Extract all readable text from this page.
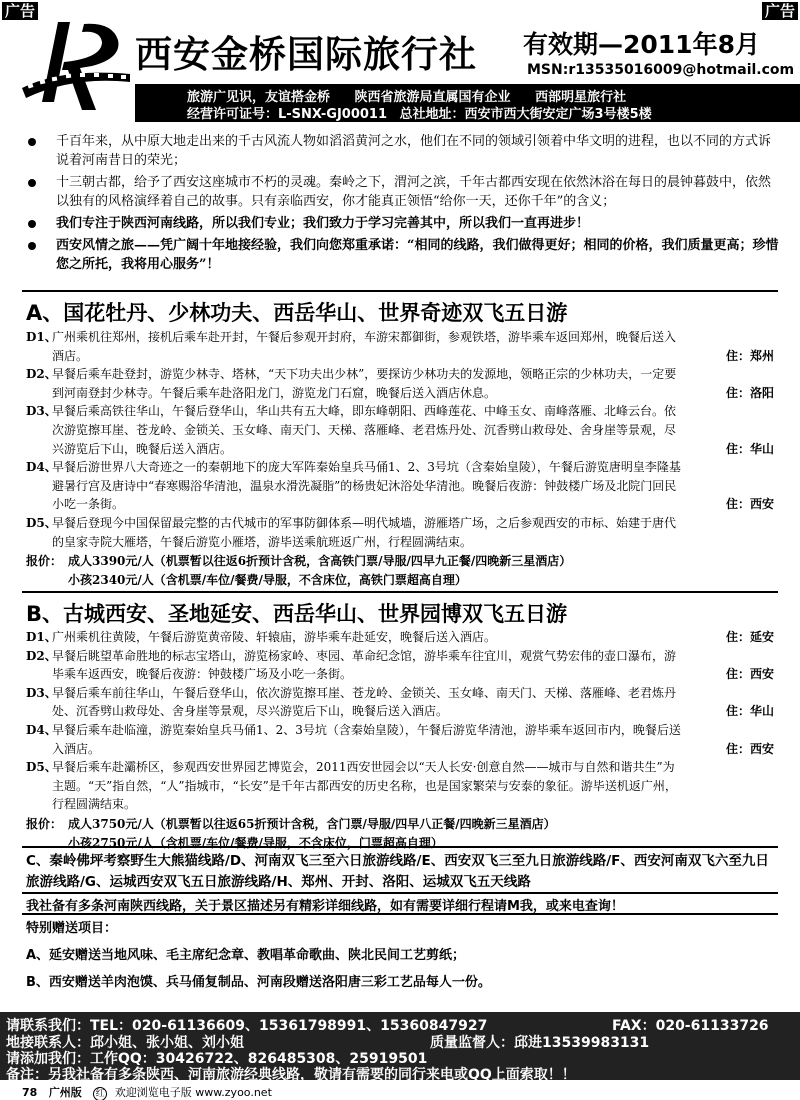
广告	广告
西安金桥国际旅行社 有效期—2011年8月
MSN:r13535016009@hotmail.com
旅游广见识，友谊搭金桥 陕西省旅游局直属国有企业 西部明星旅行社
经营许可证号：L-SNX-GJ00011 总社地址：西安市西大街安定广场3号楼5楼
千百年来，从中原大地走出来的千古风流人物如滔滔黄河之水，他们在不同的领域引领着中华文明的进程，也以不同的方式诉说着河南昔日的荣光；
十三朝古都，给予了西安这座城市不朽的灵魂。秦岭之下，渭河之滨，千年古都西安现在依然沐浴在每日的晨钟暮鼓中，依然以独有的风格演绎着自己的故事。只有亲临西安，你才能真正领悟“给你一天，还你千年”的含义；
我们专注于陕西河南线路，所以我们专业；我们致力于学习完善其中，所以我们一直再进步！
西安风情之旅——凭广阔十年地接经验，我们向您郑重承诺：“相同的线路，我们做得更好；相同的价格，我们质量更高；珍惜您之所托，我将用心服务”！
A、国花牡丹、少林功夫、西岳华山、世界奇迹双飞五日游
D1、
广州乘机往郑州，接机后乘车赴开封，午餐后参观开封府，车游宋都御街，参观铁塔，游毕乘车返回郑州，晚餐后送入酒店。	住：郑州
D2、
早餐后乘车赴登封，游览少林寺、塔林，“天下功夫出少林”，要探访少林功夫的发源地，领略正宗的少林功夫，一定要到河南登封少林寺。午餐后乘车赴洛阳龙门，游览龙门石窟，晚餐后送入酒店休息。	住：洛阳
D3、
早餐后乘高铁往华山，午餐后登华山，华山共有五大峰，即东峰朝阳、西峰莲花、中峰玉女、南峰落雁、北峰云台。依次游览擦耳崖、苍龙岭、金锁关、玉女峰、南天门、天梯、落雁峰、老君炼丹处、沉香劈山救母处、舍身崖等景观，尽兴游览后下山，晚餐后送入酒店。	住：华山
D4、
早餐后游世界八大奇迹之一的秦朝地下的庞大军阵秦始皇兵马俑1、2、3号坑（含秦始皇陵），午餐后游览唐明皇李隆基避暑行宫及唐诗中“春寒赐浴华清池，温泉水滑洗凝脂”的杨贵妃沐浴处华清池。晚餐后夜游：钟鼓楼广场及北院门回民小吃一条街。	住：西安
D5、
早餐后登现今中国保留最完整的古代城市的军事防御体系—明代城墙，游雁塔广场，之后参观西安的市标、始建于唐代的皇家寺院大雁塔，午餐后游览小雁塔，游毕送乘航班返广州，行程圆满结束。
报价： 成人3390元/人（机票暂以往返6折预计含税，含高铁门票/导服/四早九正餐/四晚新三星酒店）
小孩2340元/人（含机票/车位/餐费/导服，不含床位，高铁门票超高自理）
B、古城西安、圣地延安、西岳华山、世界园博双飞五日游
D1、
广州乘机往黄陵，午餐后游览黄帝陵、轩辕庙，游毕乘车赴延安，晚餐后送入酒店。	住：延安
D2、
早餐后眺望革命胜地的标志宝塔山，游览杨家岭、枣园、革命纪念馆，游毕乘车往宜川，观赏气势宏伟的壶口瀑布，游毕乘车返西安，晚餐后夜游：钟鼓楼广场及小吃一条街。	住：西安
D3、
早餐后乘车前往华山，午餐后登华山，依次游览擦耳崖、苍龙岭、金锁关、玉女峰、南天门、天梯、落雁峰、老君炼丹处、沉香劈山救母处、舍身崖等景观，尽兴游览后下山，晚餐后送入酒店。	住：华山
D4、
早餐后乘车赴临潼，游览秦始皇兵马俑1、2、3号坑（含秦始皇陵），午餐后游览华清池，游毕乘车返回市内，晚餐后送入酒店。	住：西安
D5、
早餐后乘车赴灞桥区，参观西安世界园艺博览会，2011西安世园会以“天人长安·创意自然——城市与自然和谐共生”为主题。“天”指自然，“人”指城市，“长安”是千年古都西安的历史名称，也是国家繁荣与安泰的象征。游毕送机返广州，行程圆满结束。
报价： 成人3750元/人（机票暂以往返65折预计含税，含门票/导服/四早八正餐/四晚新三星酒店）
小孩2750元/人（含机票/车位/餐费/导服，不含床位，门票超高自理）
C、秦岭佛坪考察野生大熊猫线路/D、河南双飞三至六日旅游线路/E、西安双飞三至九日旅游线路/F、西安河南双飞六至九日旅游线路/G、运城西安双飞五日旅游线路/H、郑州、开封、洛阳、运城双飞五天线路
我社备有多条河南陕西线路，关于景区描述另有精彩详细线路，如有需要详细行程请M我，或来电查询！
特别赠送项目：
A、延安赠送当地风味、毛主席纪念章、教唱革命歌曲、陕北民间工艺剪纸；
B、西安赠送羊肉泡馍、兵马俑复制品、河南段赠送洛阳唐三彩工艺品每人一份。
请联系我们：TEL：020-61136609、15361798991、15360847927	FAX：020-61133726
地接联系人：邱小姐、张小姐、刘小姐	质量监督人：邱进13539983131
请添加我们：工作QQ：30426722、826485308、25919501
备注：另我社备有多条陕西、河南旅游经典线路，敬请有需要的同行来电或QQ上面索取！！
78 广州版 红 欢迎浏览电子版 www.zyoo.net
